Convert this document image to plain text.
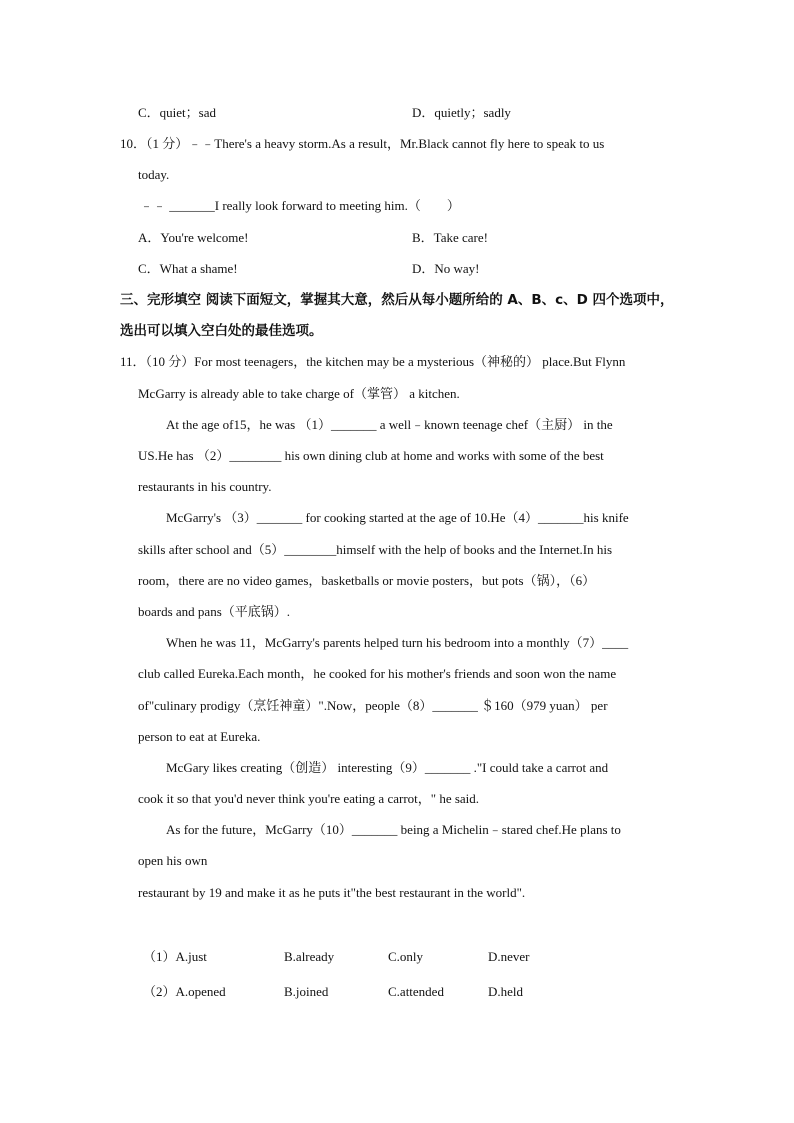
C．quiet；sad	D．quietly；sadly
10．（1 分）﹣﹣There's a heavy storm.As a result，Mr.Black cannot fly here to speak to us
today.
﹣﹣ _______I really look forward to meeting him.（　　）
A．You're welcome!	B．Take care!
C．What a shame!	D．No way!
三、完形填空 阅读下面短文，掌握其大意，然后从每小题所给的 A、B、c、D 四个选项中，
选出可以填入空白处的最佳选项。
11．（10 分）For most teenagers，the kitchen may be a mysterious（神秘的） place.But Flynn
McGarry is already able to take charge of（掌管） a kitchen.
At the age of15，he was （1）_______ a well﹣known teenage chef（主厨） in the
US.He has （2）________ his own dining club at home and works with some of the best
restaurants in his country.
McGarry's （3）_______ for cooking started at the age of 10.He（4）_______his knife
skills after school and（5）________himself with the help of books and the Internet.In his
room，there are no video games，basketballs or movie posters，but pots（锅），（6）
boards and pans（平底锅）.
When he was 11，McGarry's parents helped turn his bedroom into a monthly（7）____
club called Eureka.Each month，he cooked for his mother's friends and soon won the name
of"culinary prodigy（烹饪神童）".Now，people（8）_______ ＄160（979 yuan） per
person to eat at Eureka.
McGary likes creating（创造） interesting（9）_______ ."I could take a carrot and
cook it so that you'd never think you're eating a carrot，" he said.
As for the future，McGarry（10）_______ being a Michelin﹣stared chef.He plans to
open his own
restaurant by 19 and make it as he puts it"the best restaurant in the world".
（1）A.just	B.already	C.only	D.never
（2）A.opened	B.joined	C.attended	D.held
